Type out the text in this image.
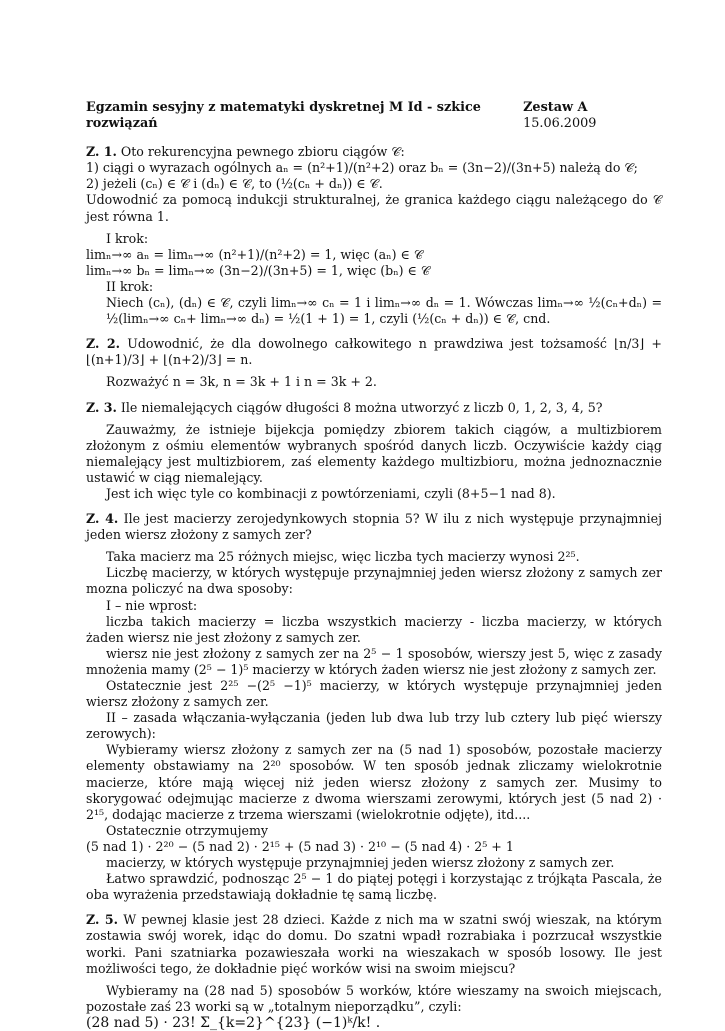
Egzamin sesyjny z matematyki dyskretnej M Id - szkice rozwiązań
Zestaw A 15.06.2009

Z. 1. Oto rekurencyjna pewnego zbioru ciągów 𝒞:

1) ciągi o wyrazach ogólnych aₙ = (n²+1)/(n²+2) oraz bₙ = (3n−2)/(3n+5) należą do 𝒞;

2) jeżeli (cₙ) ∈ 𝒞 i (dₙ) ∈ 𝒞, to (½(cₙ + dₙ)) ∈ 𝒞.

Udowodnić za pomocą indukcji strukturalnej, że granica każdego ciągu należącego do 𝒞 jest równa 1.

I krok:

limₙ→∞ aₙ = limₙ→∞ (n²+1)/(n²+2) = 1, więc (aₙ) ∈ 𝒞

limₙ→∞ bₙ = limₙ→∞ (3n−2)/(3n+5) = 1, więc (bₙ) ∈ 𝒞

II krok:

Niech (cₙ), (dₙ) ∈ 𝒞, czyli limₙ→∞ cₙ = 1 i limₙ→∞ dₙ = 1. Wówczas limₙ→∞ ½(cₙ+dₙ) = ½(limₙ→∞ cₙ+ limₙ→∞ dₙ) = ½(1 + 1) = 1, czyli (½(cₙ + dₙ)) ∈ 𝒞, cnd.

Z. 2. Udowodnić, że dla dowolnego całkowitego n prawdziwa jest tożsamość ⌊n/3⌋ + ⌊(n+1)/3⌋ + ⌊(n+2)/3⌋ = n.

Rozważyć n = 3k, n = 3k + 1 i n = 3k + 2.

Z. 3. Ile niemalejących ciągów długości 8 można utworzyć z liczb 0, 1, 2, 3, 4, 5?

Zauważmy, że istnieje bijekcja pomiędzy zbiorem takich ciągów, a multizbiorem złożonym z ośmiu elementów wybranych spośród danych liczb. Oczywiście każdy ciąg niemalejący jest multizbiorem, zaś elementy każdego multizbioru, można jednoznacznie ustawić w ciąg niemalejący.

Jest ich więc tyle co kombinacji z powtórzeniami, czyli (8+5−1 nad 8).

Z. 4. Ile jest macierzy zerojedynkowych stopnia 5? W ilu z nich występuje przynajmniej jeden wiersz złożony z samych zer?

Taka macierz ma 25 różnych miejsc, więc liczba tych macierzy wynosi 2²⁵.

Liczbę macierzy, w których występuje przynajmniej jeden wiersz złożony z samych zer mozna policzyć na dwa sposoby:

I – nie wprost:

liczba takich macierzy = liczba wszystkich macierzy - liczba macierzy, w których żaden wiersz nie jest złożony z samych zer.

wiersz nie jest złożony z samych zer na 2⁵ − 1 sposobów, wierszy jest 5, więc z zasady mnożenia mamy (2⁵ − 1)⁵ macierzy w których żaden wiersz nie jest złożony z samych zer.

Ostatecznie jest 2²⁵ −(2⁵ −1)⁵ macierzy, w których występuje przynajmniej jeden wiersz złożony z samych zer.

II – zasada włączania-wyłączania (jeden lub dwa lub trzy lub cztery lub pięć wierszy zerowych):

Wybieramy wiersz złożony z samych zer na (5 nad 1) sposobów, pozostałe macierzy elementy obstawiamy na 2²⁰ sposobów. W ten sposób jednak zliczamy wielokrotnie macierze, które mają więcej niż jeden wiersz złożony z samych zer. Musimy to skorygować odejmując macierze z dwoma wierszami zerowymi, których jest (5 nad 2) · 2¹⁵, dodając macierze z trzema wierszami (wielokrotnie odjęte), itd....

Ostatecznie otrzymujemy

(5 nad 1) · 2²⁰ − (5 nad 2) · 2¹⁵ + (5 nad 3) · 2¹⁰ − (5 nad 4) · 2⁵ + 1

macierzy, w których występuje przynajmniej jeden wiersz złożony z samych zer.

Łatwo sprawdzić, podnosząc 2⁵ − 1 do piątej potęgi i korzystając z trójkąta Pascala, że oba wyrażenia przedstawiają dokładnie tę samą liczbę.

Z. 5. W pewnej klasie jest 28 dzieci. Każde z nich ma w szatni swój wieszak, na którym zostawia swój worek, idąc do domu. Do szatni wpadł rozrabiaka i pozrzucał wszystkie worki. Pani szatniarka pozawieszała worki na wieszakach w sposób losowy. Ile jest możliwości tego, że dokładnie pięć worków wisi na swoim miejscu?

Wybieramy na (28 nad 5) sposobów 5 worków, które wieszamy na swoich miejscach, pozostałe zaś 23 worki są w „totalnym nieporządku”, czyli:

(28 nad 5) · 23! Σ_{k=2}^{23} (−1)ᵏ/k! .
